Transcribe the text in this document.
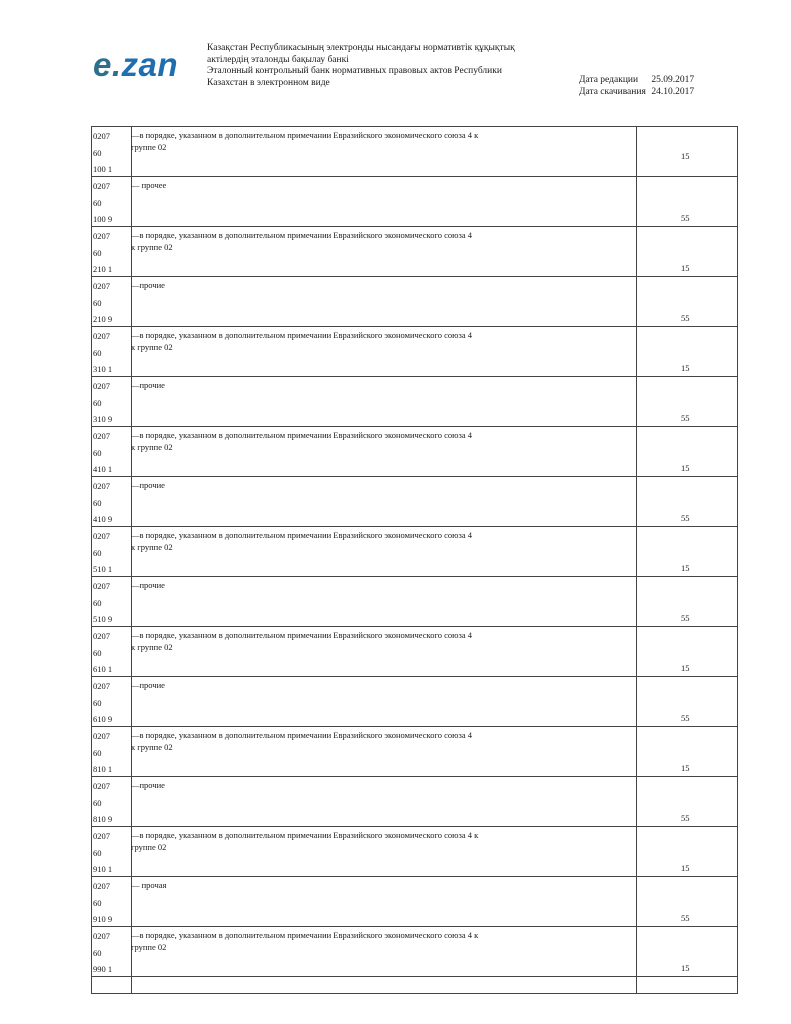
e.zan	Казақстан Республикасының электронды нысандағы нормативтік құқықтық
актілердің эталонды бақылау банкі
Эталонный контрольный банк нормативных правовых актов Республики
Казахстан в электронном виде	Дата редакции 25.09.2017
Дата скачивания 24.10.2017
0207
60
100 1	—в порядке, указанном в дополнительном примечании Евразийского экономического союза 4 к
группе 02	15

0207
60
100 9	— прочее	55

0207
60
210 1	—в порядке, указанном в дополнительном примечании Евразийского экономического союза 4
к группе 02	15

0207
60
210 9	—прочие	55

0207
60
310 1	—в порядке, указанном в дополнительном примечании Евразийского экономического союза 4
к группе 02	15

0207
60
310 9	—прочие	55

0207
60
410 1	—в порядке, указанном в дополнительном примечании Евразийского экономического союза 4
к группе 02	15

0207
60
410 9	—прочие	55

0207
60
510 1	—в порядке, указанном в дополнительном примечании Евразийского экономического союза 4
к группе 02	15

0207
60
510 9	—прочие	55

0207
60
610 1	—в порядке, указанном в дополнительном примечании Евразийского экономического союза 4
к группе 02	15

0207
60
610 9	—прочие	55

0207
60
810 1	—в порядке, указанном в дополнительном примечании Евразийского экономического союза 4
к группе 02	15

0207
60
810 9	—прочие	55

0207
60
910 1	—в порядке, указанном в дополнительном примечании Евразийского экономического союза 4 к
группе 02	15

0207
60
910 9	— прочая	55

0207
60
990 1	—в порядке, указанном в дополнительном примечании Евразийского экономического союза 4 к
группе 02	15
